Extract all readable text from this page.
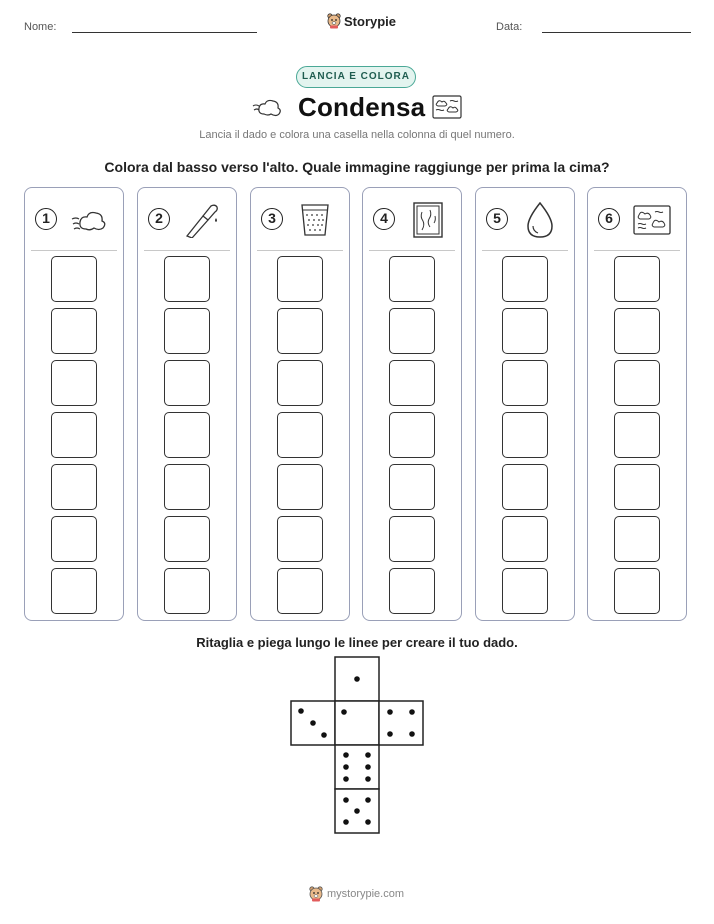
Nome:	Storypie	Data:
LANCIA E COLORA
Condensa
Lancia il dado e colora una casella nella colonna di quel numero.
Colora dal basso verso l'alto. Quale immagine raggiunge per prima la cima?
1	2	3	4	5	6
Ritaglia e piega lungo le linee per creare il tuo dado.
mystorypie.com
